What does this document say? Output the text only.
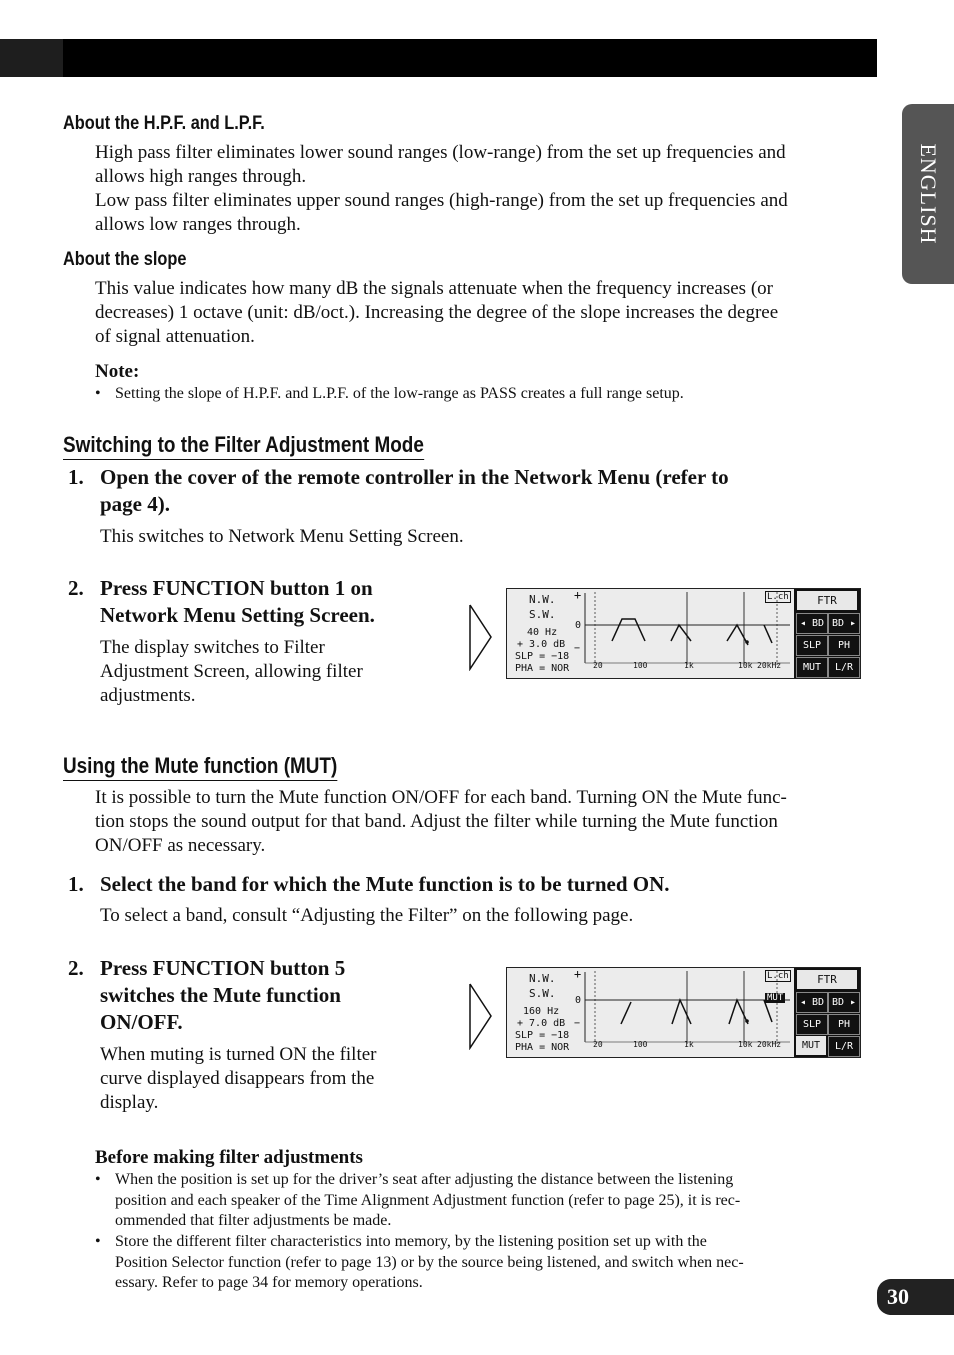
ENGLISH
About the H.P.F. and L.P.F.
High pass filter eliminates lower sound ranges (low-range) from the set up frequencies and
allows high ranges through.
Low pass filter eliminates upper sound ranges (high-range) from the set up frequencies and
allows low ranges through.
About the slope
This value indicates how many dB the signals attenuate when the frequency increases (or
decreases) 1 octave (unit: dB/oct.). Increasing the degree of the slope increases the degree
of signal attenuation.
Note:
• Setting the slope of H.P.F. and L.P.F. of the low-range as PASS creates a full range setup.
Switching to the Filter Adjustment Mode
1. Open the cover of the remote controller in the Network Menu (refer to
page 4).
This switches to Network Menu Setting Screen.
2. Press FUNCTION button 1 on
Network Menu Setting Screen.
The display switches to Filter
Adjustment Screen, allowing filter
adjustments.
N.W.
S.W.
40 Hz
+ 3.0 dB
SLP = −18
PHA = NOR
+
0
−
L.ch
20	100	1k	10k 20kHz
FTR
◂ BD BD ▸
SLP	PH
MUT	L/R
Using the Mute function (MUT)
It is possible to turn the Mute function ON/OFF for each band. Turning ON the Mute func-
tion stops the sound output for that band. Adjust the filter while turning the Mute function
ON/OFF as necessary.
1. Select the band for which the Mute function is to be turned ON.
To select a band, consult “Adjusting the Filter” on the following page.
2. Press FUNCTION button 5
switches the Mute function
ON/OFF.
When muting is turned ON the filter
curve displayed disappears from the
display.
N.W.
S.W.
160 Hz
+ 7.0 dB
SLP = −18
PHA = NOR
+
0
−
L.ch
MUT
20	100	1k	10k 20kHz
FTR
◂ BD BD ▸
SLP	PH
MUT	L/R
Before making filter adjustments
• When the position is set up for the driver’s seat after adjusting the distance between the listening
position and each speaker of the Time Alignment Adjustment function (refer to page 25), it is rec-
ommended that filter adjustments be made.
• Store the different filter characteristics into memory, by the listening position set up with the
Position Selector function (refer to page 13) or by the source being listened, and switch when nec-
essary. Refer to page 34 for memory operations.
30
